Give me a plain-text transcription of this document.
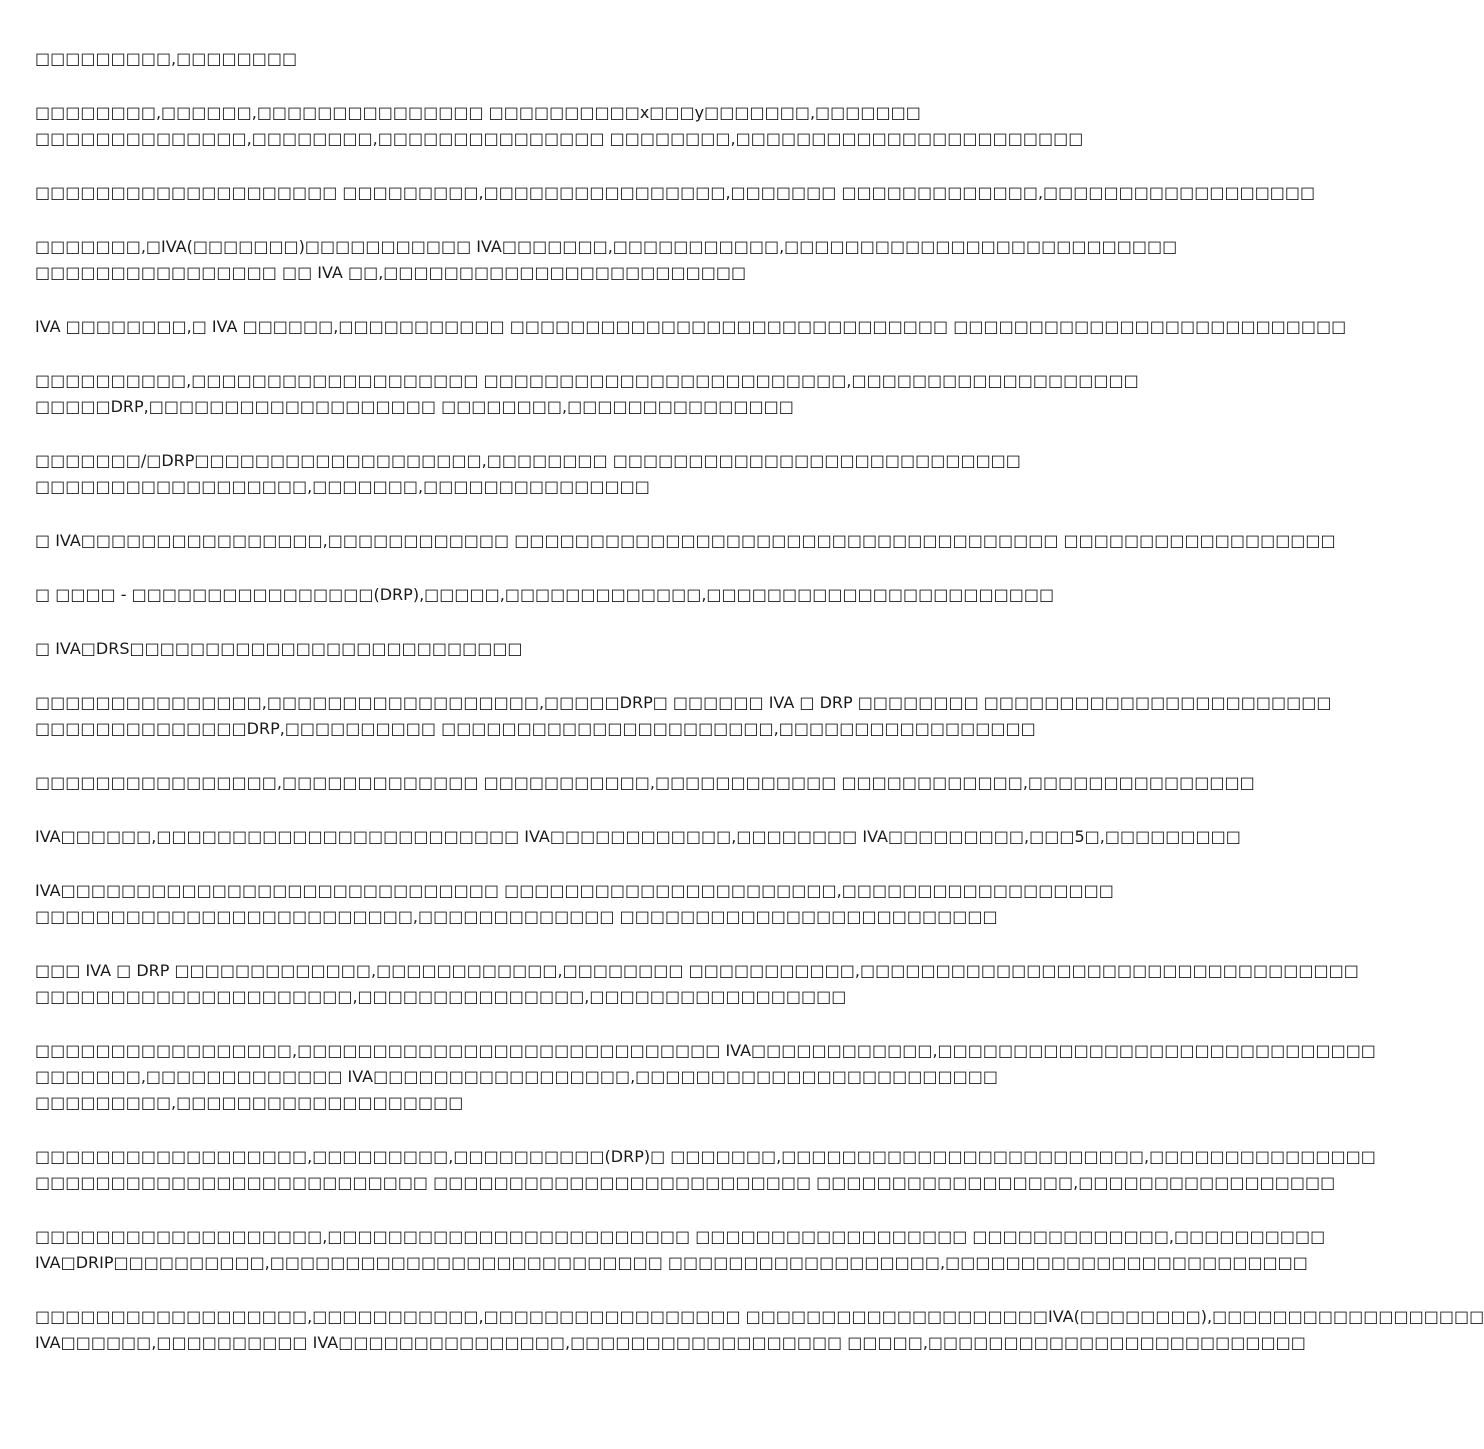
□□□□□□□□□,□□□□□□□□

□□□□□□□□,□□□□□□,□□□□□□□□□□□□□□□ □□□□□□□□□□x□□□y□□□□□□□,□□□□□□□
□□□□□□□□□□□□□□,□□□□□□□□,□□□□□□□□□□□□□□□ □□□□□□□□,□□□□□□□□□□□□□□□□□□□□□□□

□□□□□□□□□□□□□□□□□□□□ □□□□□□□□□,□□□□□□□□□□□□□□□□,□□□□□□□ □□□□□□□□□□□□□,□□□□□□□□□□□□□□□□□□

□□□□□□□,□IVA(□□□□□□□)□□□□□□□□□□□ IVA□□□□□□□,□□□□□□□□□□□,□□□□□□□□□□□□□□□□□□□□□□□□□□
□□□□□□□□□□□□□□□□ □□ IVA □□,□□□□□□□□□□□□□□□□□□□□□□□□

IVA □□□□□□□□,□ IVA □□□□□□,□□□□□□□□□□□ □□□□□□□□□□□□□□□□□□□□□□□□□□□□□ □□□□□□□□□□□□□□□□□□□□□□□□□□

□□□□□□□□□□,□□□□□□□□□□□□□□□□□□□ □□□□□□□□□□□□□□□□□□□□□□□□,□□□□□□□□□□□□□□□□□□□
□□□□□DRP,□□□□□□□□□□□□□□□□□□□ □□□□□□□□,□□□□□□□□□□□□□□□

□□□□□□□/□DRP□□□□□□□□□□□□□□□□□□□,□□□□□□□□ □□□□□□□□□□□□□□□□□□□□□□□□□□□
□□□□□□□□□□□□□□□□□□,□□□□□□□,□□□□□□□□□□□□□□□

□ IVA□□□□□□□□□□□□□□□□,□□□□□□□□□□□□ □□□□□□□□□□□□□□□□□□□□□□□□□□□□□□□□□□□□ □□□□□□□□□□□□□□□□□□

□ □□□□ - □□□□□□□□□□□□□□□□(DRP),□□□□□,□□□□□□□□□□□□□,□□□□□□□□□□□□□□□□□□□□□□□

□ IVA□DRS□□□□□□□□□□□□□□□□□□□□□□□□□□

□□□□□□□□□□□□□□□,□□□□□□□□□□□□□□□□□□,□□□□□DRP□ □□□□□□ IVA □ DRP □□□□□□□□ □□□□□□□□□□□□□□□□□□□□□□□
□□□□□□□□□□□□□□DRP,□□□□□□□□□□ □□□□□□□□□□□□□□□□□□□□□□,□□□□□□□□□□□□□□□□□

□□□□□□□□□□□□□□□□,□□□□□□□□□□□□□ □□□□□□□□□□□,□□□□□□□□□□□□ □□□□□□□□□□□□,□□□□□□□□□□□□□□□

IVA□□□□□□,□□□□□□□□□□□□□□□□□□□□□□□□ IVA□□□□□□□□□□□□,□□□□□□□□ IVA□□□□□□□□□,□□□5□,□□□□□□□□□

IVA□□□□□□□□□□□□□□□□□□□□□□□□□□□□□ □□□□□□□□□□□□□□□□□□□□□□,□□□□□□□□□□□□□□□□□□
□□□□□□□□□□□□□□□□□□□□□□□□□,□□□□□□□□□□□□□ □□□□□□□□□□□□□□□□□□□□□□□□□

□□□ IVA □ DRP □□□□□□□□□□□□□,□□□□□□□□□□□□,□□□□□□□□ □□□□□□□□□□□,□□□□□□□□□□□□□□□□□□□□□□□□□□□□□□□□□
□□□□□□□□□□□□□□□□□□□□□,□□□□□□□□□□□□□□□,□□□□□□□□□□□□□□□□□

□□□□□□□□□□□□□□□□□,□□□□□□□□□□□□□□□□□□□□□□□□□□□□ IVA□□□□□□□□□□□□,□□□□□□□□□□□□□□□□□□□□□□□□□□□□□
□□□□□□□,□□□□□□□□□□□□□ IVA□□□□□□□□□□□□□□□□□,□□□□□□□□□□□□□□□□□□□□□□□□
□□□□□□□□□,□□□□□□□□□□□□□□□□□□□

□□□□□□□□□□□□□□□□□□,□□□□□□□□□,□□□□□□□□□□(DRP)□ □□□□□□□,□□□□□□□□□□□□□□□□□□□□□□□□,□□□□□□□□□□□□□□□
□□□□□□□□□□□□□□□□□□□□□□□□□□ □□□□□□□□□□□□□□□□□□□□□□□□□ □□□□□□□□□□□□□□□□□,□□□□□□□□□□□□□□□□□

□□□□□□□□□□□□□□□□□□□,□□□□□□□□□□□□□□□□□□□□□□□□ □□□□□□□□□□□□□□□□□□ □□□□□□□□□□□□□,□□□□□□□□□□
IVA□DRIP□□□□□□□□□□,□□□□□□□□□□□□□□□□□□□□□□□□□□ □□□□□□□□□□□□□□□□□□,□□□□□□□□□□□□□□□□□□□□□□□□

□□□□□□□□□□□□□□□□□□,□□□□□□□□□□□,□□□□□□□□□□□□□□□□□ □□□□□□□□□□□□□□□□□□□□IVA(□□□□□□□□),□□□□□□□□□□□□□□□□□□
IVA□□□□□□,□□□□□□□□□□ IVA□□□□□□□□□□□□□□□,□□□□□□□□□□□□□□□□□□ □□□□□,□□□□□□□□□□□□□□□□□□□□□□□□□
